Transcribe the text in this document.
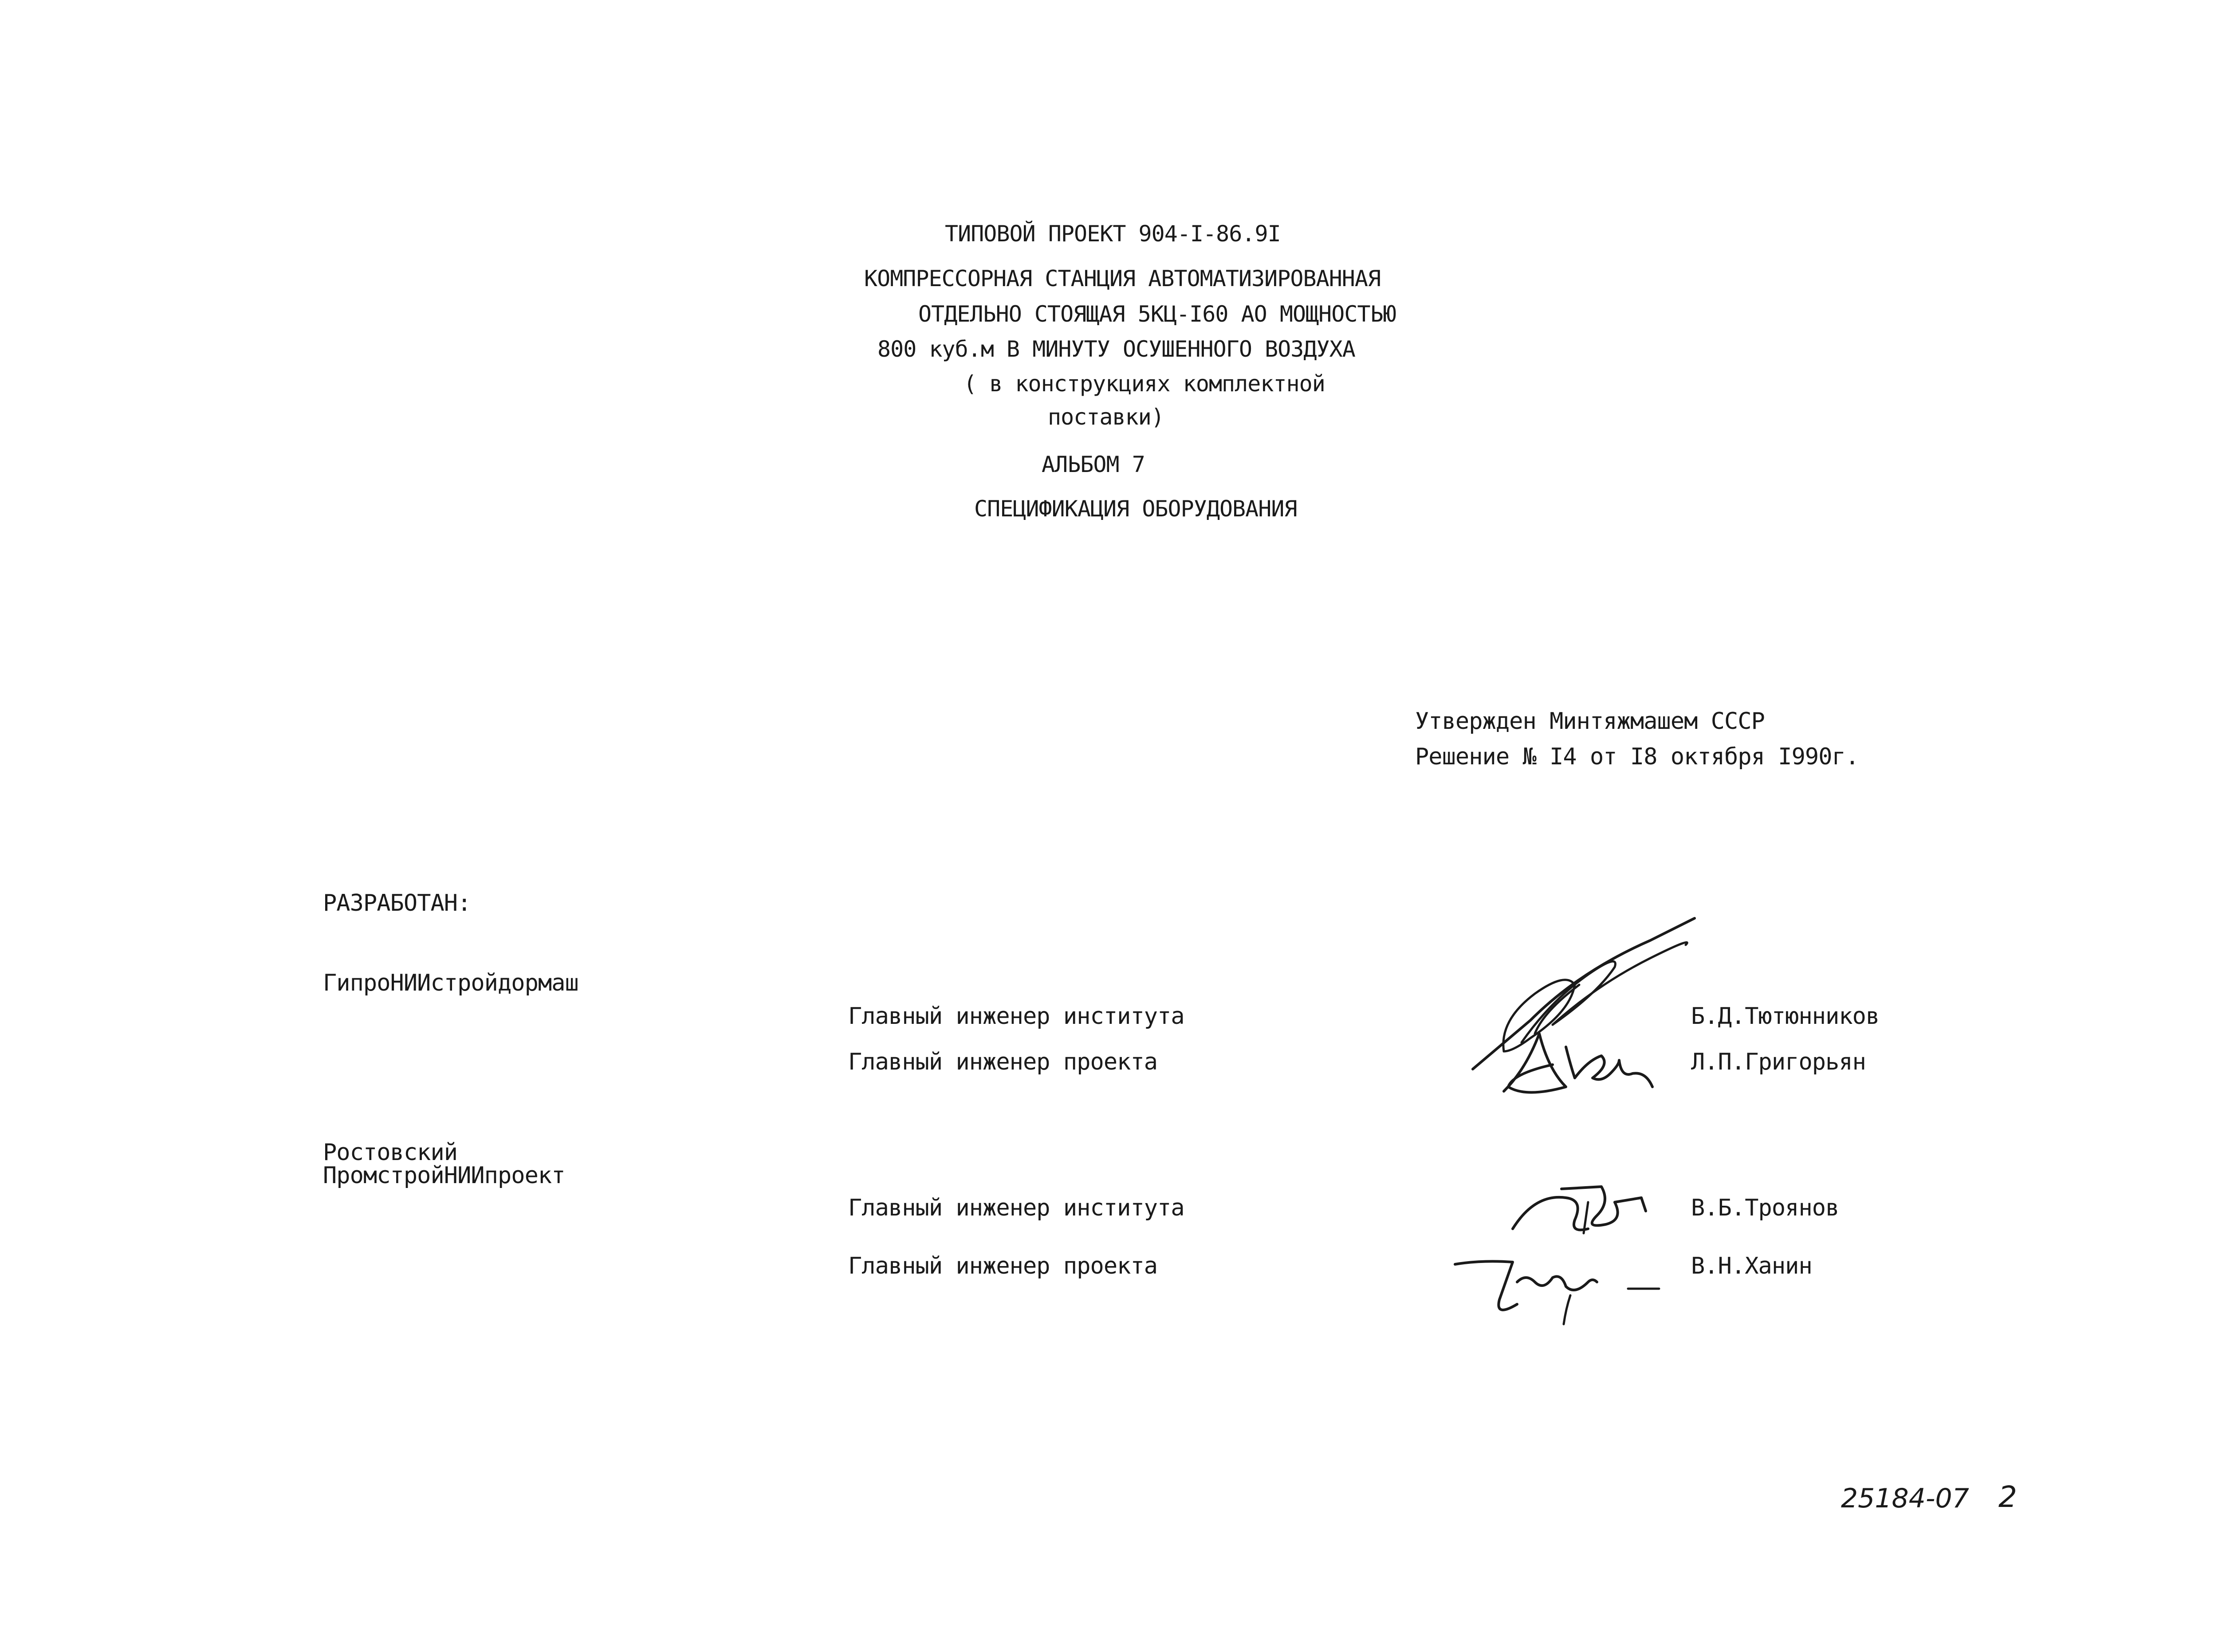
ТИПОВОЙ ПРОЕКТ 904-I-86.9I
КОМПРЕССОРНАЯ СТАНЦИЯ АВТОМАТИЗИРОВАННАЯ
ОТДЕЛЬНО СТОЯЩАЯ 5КЦ-I60 АО МОЩНОСТЬЮ
800 куб.м В МИНУТУ ОСУШЕННОГО ВОЗДУХА
( в конструкциях комплектной
поставки)
АЛЬБОМ 7
СПЕЦИФИКАЦИЯ ОБОРУДОВАНИЯ
Утвержден Минтяжмашем СССР
Решение № I4 от I8 октября I990г.
РАЗРАБОТАН:
ГипроНИИстройдормаш
Главный инженер института	Б.Д.Тютюнников
Главный инженер проекта	Л.П.Григорьян
Ростовский
ПромстройНИИпроект
Главный инженер института	В.Б.Троянов
Главный инженер проекта	В.Н.Ханин
25184-07 2
